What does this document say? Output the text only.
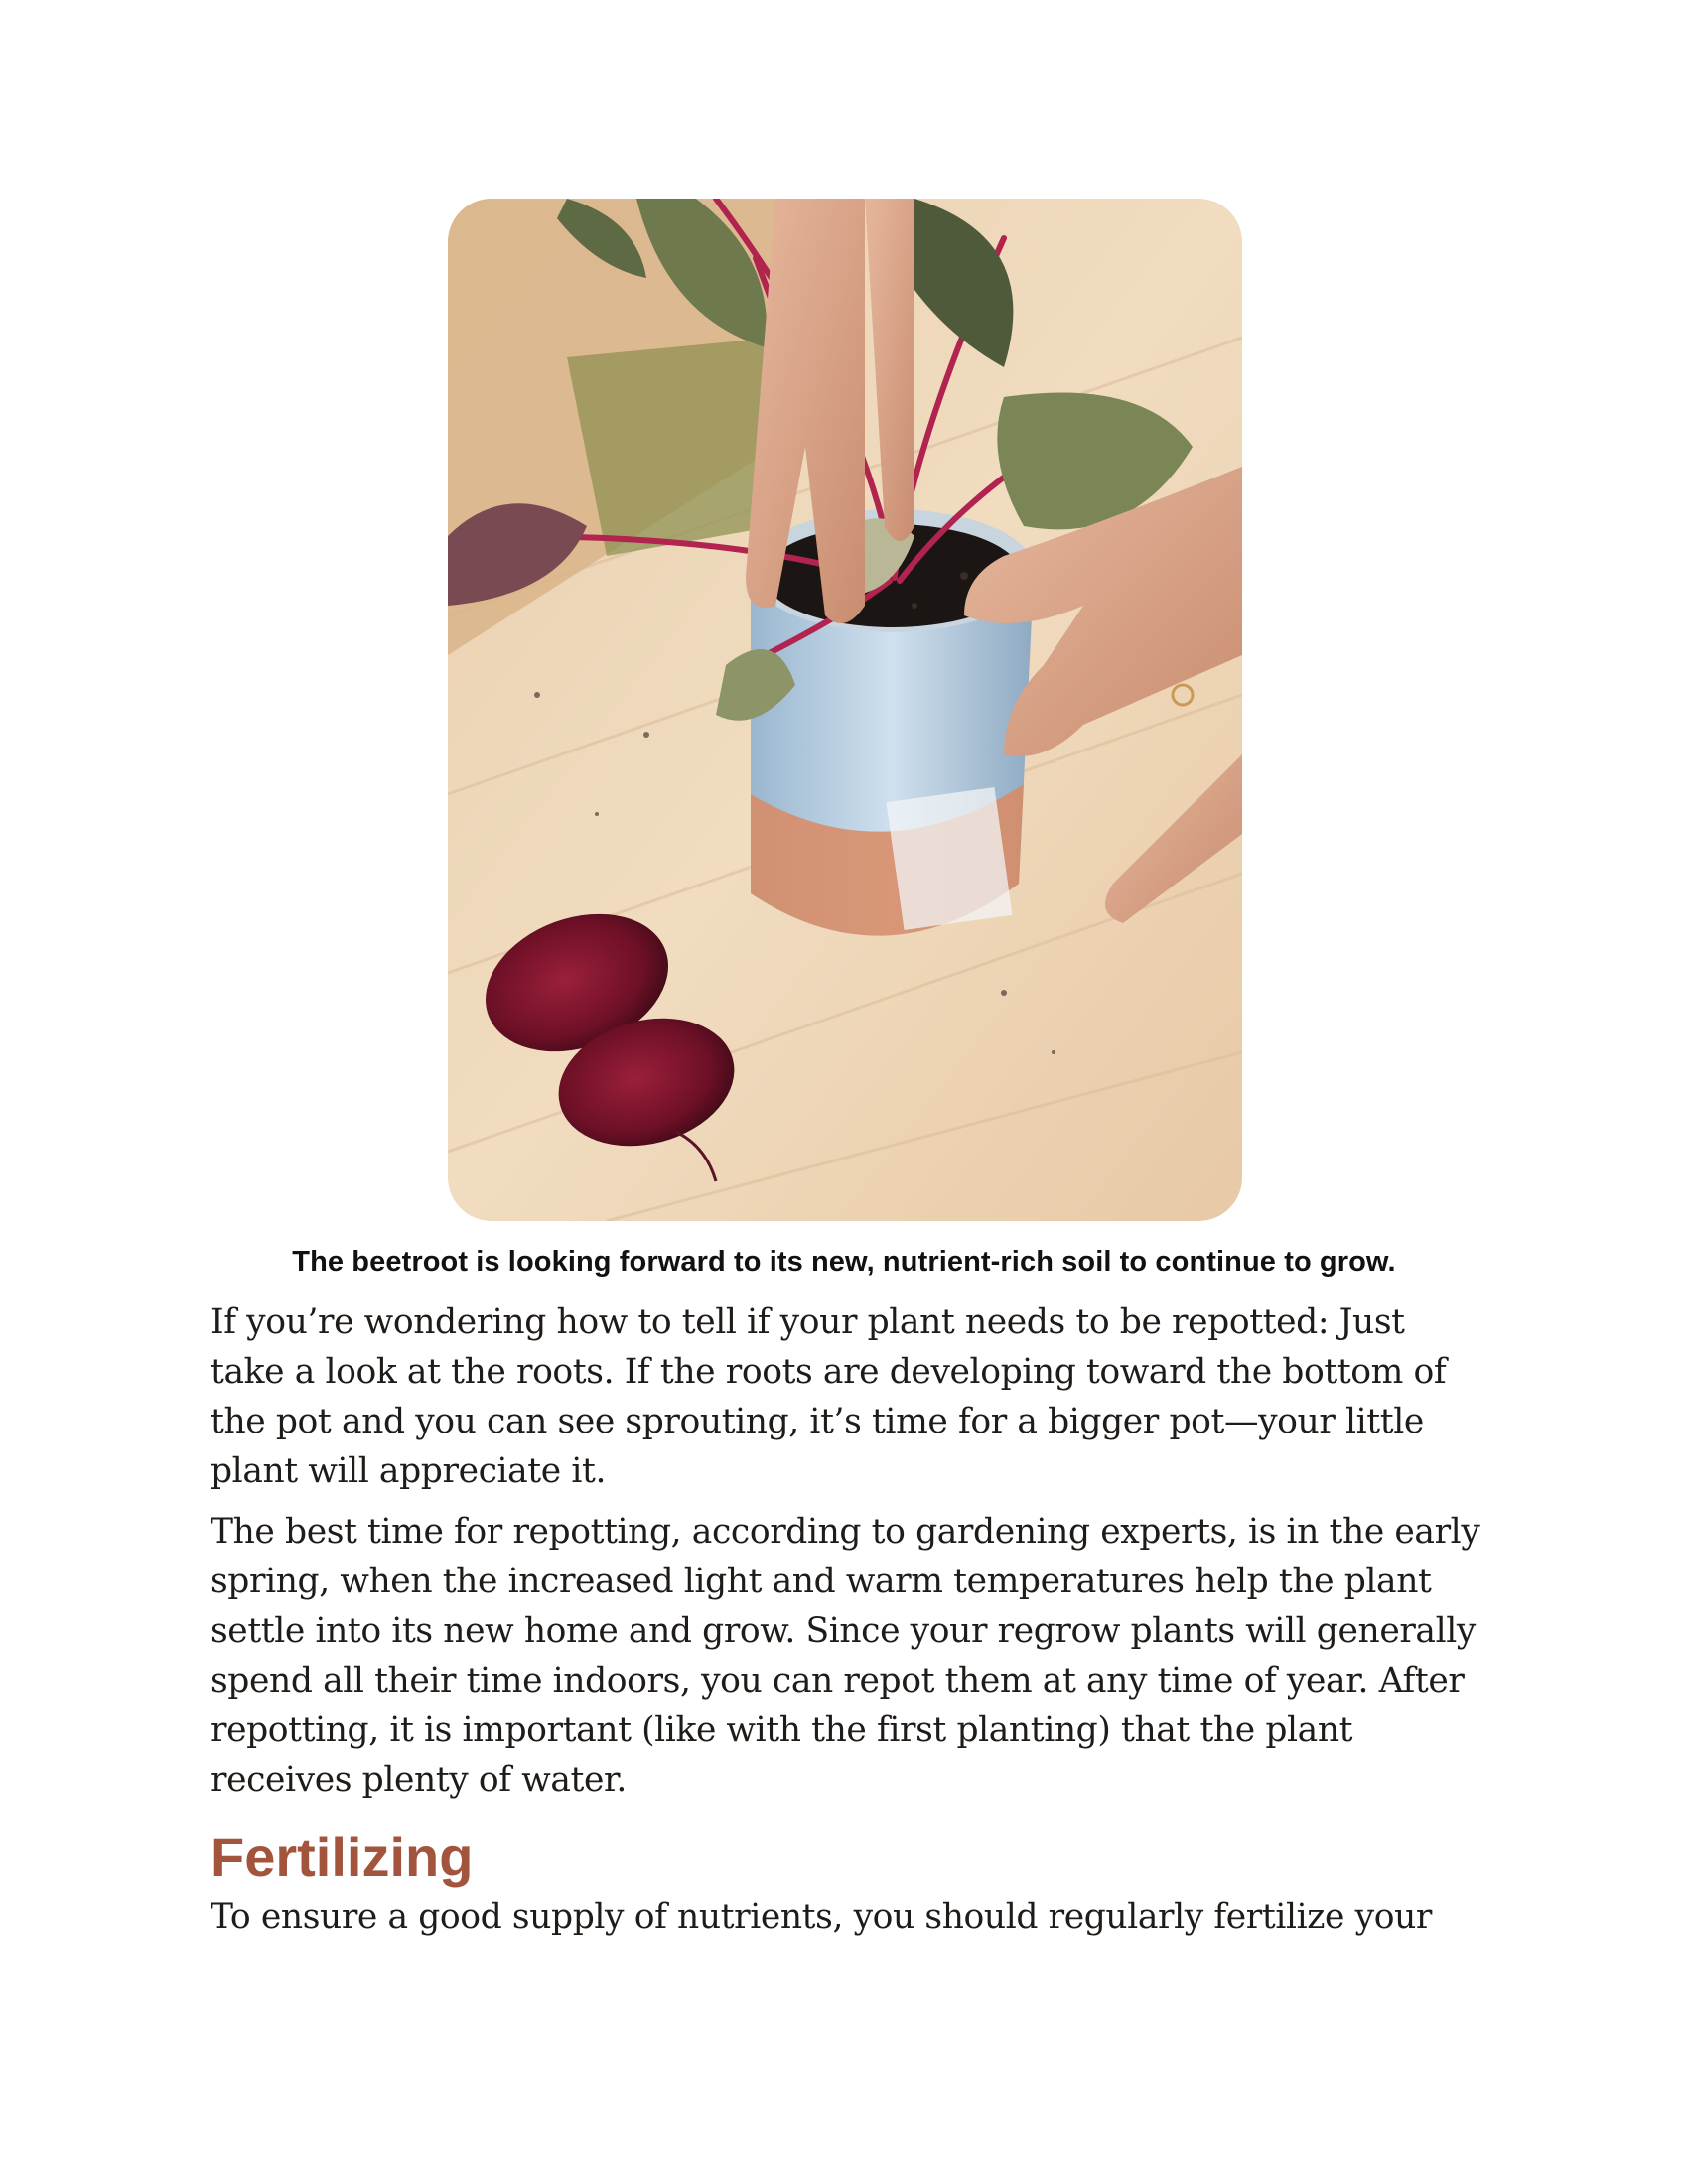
The beetroot is looking forward to its new, nutrient-rich soil to continue to grow.
If you’re wondering how to tell if your plant needs to be repotted: Just
take a look at the roots. If the roots are developing toward the bottom of
the pot and you can see sprouting, it’s time for a bigger pot—your little
plant will appreciate it.
The best time for repotting, according to gardening experts, is in the early
spring, when the increased light and warm temperatures help the plant
settle into its new home and grow. Since your regrow plants will generally
spend all their time indoors, you can repot them at any time of year. After
repotting, it is important (like with the first planting) that the plant
receives plenty of water.
Fertilizing
To ensure a good supply of nutrients, you should regularly fertilize your
